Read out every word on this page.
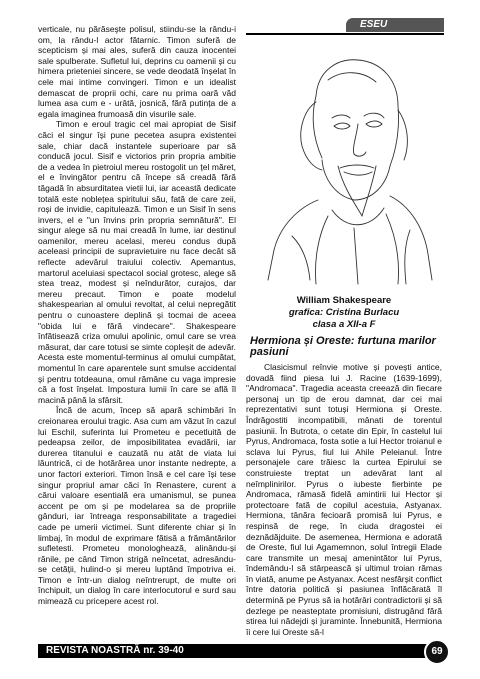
verticale, nu părăseşte polisul, stiindu-se la rându-i om, la rându-l actor fătarnic. Timon suferă de scepticism și mai ales, suferă din cauza inocentei sale spulberate. Sufletul lui, deprins cu oamenii și cu himera prieteniei sincere, se vede deodată înșelat în cele mai intime convingeri. Timon e un idealist demascat de proprii ochi, care nu prima oară văd lumea asa cum e - urâtă, josnică, fără putința de a egala imaginea frumoasă din visurile sale.

Timon e eroul tragic cel mai apropiat de Sisif căci el singur își pune pecetea asupra existentei sale, chiar dacă instantele superioare par să conducă jocul. Sisif e victorios prin propria ambitie de a vedea în pietroiul mereu rostogolit un țel măret, el e învingător pentru că începe să creadă fără tăgadă în absurditatea vietii lui, iar această dedicate totală este noblețea spiritului său, fată de care zeii, roși de invidie, capitulează. Timon e un Sisif în sens invers, el e "un învins prin propria semnătură". El singur alege să nu mai creadă în lume, iar destinul oamenilor, mereu acelasi, mereu condus după aceleasi principii de supravietuire nu face decât să reflecte adevărul traiului colectiv. Apemantus, martorul aceluiasi spectacol social grotesc, alege să stea treaz, modest și neîndurător, curajos, dar mereu precaut. Timon e poate modelul shakespearian al omului revoltat, al celui nepregătit pentru o cunoastere deplină și tocmai de aceea "obida lui e fără vindecare". Shakespeare înfătisează criza omului apolinic, omul care se vrea măsurat, dar care totusi se simte copleșit de adevăr. Acesta este momentul-terminus al omului cumpătat, momentul în care aparentele sunt smulse accidental și pentru totdeauna, omul rămâne cu vaga impresie că a fost înșelat. Impostura lumii în care se află îl macină până la sfârsit.

Încă de acum, încep să apară schimbări în creionarea eroului tragic. Asa cum am văzut în cazul lui Eschil, suferinta lui Prometeu e pecetluită de pedeapsa zeilor, de imposibilitatea evadării, iar durerea titanului e cauzată nu atât de viata lui lăuntrică, ci de hotărârea unor instante nedrepte, a unor factori exteriori. Timon însă e cel care își tese singur propriul amar căci în Renastere, curent a cărui valoare esentială era umanismul, se punea accent pe om și pe modelarea sa de propriile gânduri, iar întreaga responsabilitate a tragediei cade pe umerii victimei. Sunt diferente chiar și în limbaj, în modul de exprimare fătisă a frământărilor sufletesti. Prometeu monologhează, alinându-și rănile, pe când Timon strigă neîncetat, adresându-se cetății, hulind-o și mereu luptând împotriva ei. Timon e într-un dialog neîntrerupt, de multe ori închipuit, un dialog în care interlocutorul e surd sau mimează cu pricepere acest rol.

ESEU
William Shakespeare
grafica: Cristina Burlacu
clasa a XII-a F
Hermiona și Oreste: furtuna marilor pasiuni
Clasicismul reînvie motive și povești antice, dovadă fiind piesa lui J. Racine (1639-1699), "Andromaca". Tragedia aceasta creează din fiecare personaj un tip de erou damnat, dar cei mai reprezentativi sunt totuși Hermiona și Oreste. Îndrăgostiti incompatibili, mânati de torentul pasiunii. În Butrota, o cetate din Epir, în castelul lui Pyrus, Andromaca, fosta sotie a lui Hector troianul e sclava lui Pyrus, fiul lui Ahile Peleianul. Între personajele care trăiesc la curtea Epirului se construieste treptat un adevărat lant al neîmplinirilor. Pyrus o iubeste fierbinte pe Andromaca, rămasă fidelă amintirii lui Hector și protectoare fată de copilul acestuia, Astyanax. Hermiona, tânăra fecioară promisă lui Pyrus, e respinsă de rege, în ciuda dragostei ei deznădăjduite. De asemenea, Hermiona e adorată de Oreste, fiul lui Agamemnon, solul întregii Elade care transmite un mesaj amenintător lui Pyrus, îndemându-l să stârpească și ultimul troian rămas în viată, anume pe Astyanax. Acest nesfârșit conflict între datoria politică și pasiunea înflăcărată îl determină pe Pyrus să ia hotărâri contradictorii și să dezlege pe neasteptate promisiuni, distrugând fără stirea lui nădejdi și juraminte. Înnebunită, Hermiona îi cere lui Oreste să-l
REVISTA NOASTRĂ nr. 39-40	69
